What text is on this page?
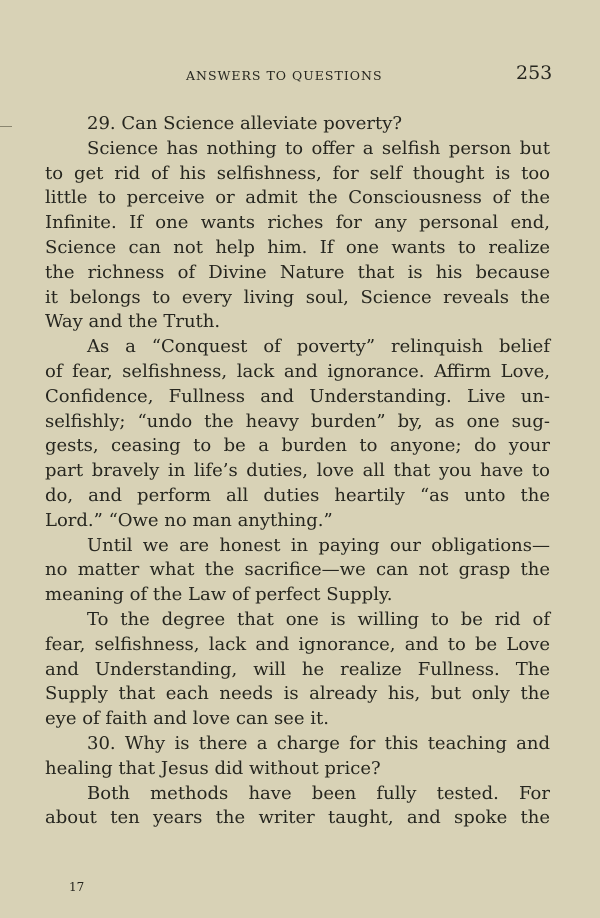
ANSWERS TO QUESTIONS	253
29. Can Science alleviate poverty?
Science has nothing to offer a selfish person but
to get rid of his selfishness, for self thought is too
little to perceive or admit the Consciousness of the
Infinite. If one wants riches for any personal end,
Science can not help him. If one wants to realize
the richness of Divine Nature that is his because
it belongs to every living soul, Science reveals the
Way and the Truth.
As a “Conquest of poverty” relinquish belief
of fear, selfishness, lack and ignorance. Affirm Love,
Confidence, Fullness and Understanding. Live un-
selfishly; “undo the heavy burden” by, as one sug-
gests, ceasing to be a burden to anyone; do your
part bravely in life’s duties, love all that you have to
do, and perform all duties heartily “as unto the
Lord.” “Owe no man anything.”
Until we are honest in paying our obligations—
no matter what the sacrifice—we can not grasp the
meaning of the Law of perfect Supply.
To the degree that one is willing to be rid of
fear, selfishness, lack and ignorance, and to be Love
and Understanding, will he realize Fullness. The
Supply that each needs is already his, but only the
eye of faith and love can see it.
30. Why is there a charge for this teaching and
healing that Jesus did without price?
Both methods have been fully tested. For
about ten years the writer taught, and spoke the
17
